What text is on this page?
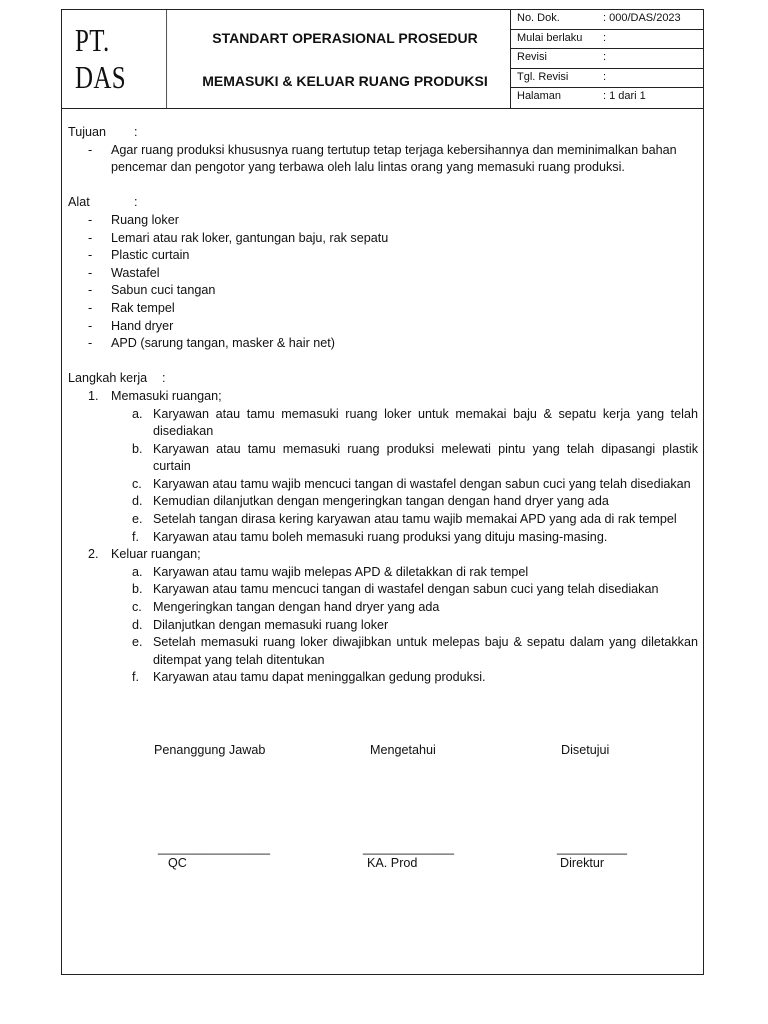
PT. DAS
STANDART OPERASIONAL PROSEDUR
MEMASUKI & KELUAR RUANG PRODUKSI
No. Dok.	: 000/DAS/2023
Mulai berlaku :
Revisi	:
Tgl. Revisi	:
Halaman	: 1 dari 1
Tujuan	:
- Agar ruang produksi khususnya ruang tertutup tetap terjaga kebersihannya dan meminimalkan bahan pencemar dan pengotor yang terbawa oleh lalu lintas orang yang memasuki ruang produksi.
Alat	:
- Ruang loker
- Lemari atau rak loker, gantungan baju, rak sepatu
- Plastic curtain
- Wastafel
- Sabun cuci tangan
- Rak tempel
- Hand dryer
- APD (sarung tangan, masker & hair net)
Langkah kerja	:
1. Memasuki ruangan;
a. Karyawan atau tamu memasuki ruang loker untuk memakai baju & sepatu kerja yang telah disediakan
b. Karyawan atau tamu memasuki ruang produksi melewati pintu yang telah dipasangi plastik curtain
c. Karyawan atau tamu wajib mencuci tangan di wastafel dengan sabun cuci yang telah disediakan
d. Kemudian dilanjutkan dengan mengeringkan tangan dengan hand dryer yang ada
e. Setelah tangan dirasa kering karyawan atau tamu wajib memakai APD yang ada di rak tempel
f. Karyawan atau tamu boleh memasuki ruang produksi yang dituju masing-masing.
2. Keluar ruangan;
a. Karyawan atau tamu wajib melepas APD & diletakkan di rak tempel
b. Karyawan atau tamu mencuci tangan di wastafel dengan sabun cuci yang telah disediakan
c. Mengeringkan tangan dengan hand dryer yang ada
d. Dilanjutkan dengan memasuki ruang loker
e. Setelah memasuki ruang loker diwajibkan untuk melepas baju & sepatu dalam yang diletakkan ditempat yang telah ditentukan
f. Karyawan atau tamu dapat meninggalkan gedung produksi.
Penanggung Jawab
________________
QC
Mengetahui
_____________
KA. Prod
Disetujui
__________
Direktur
